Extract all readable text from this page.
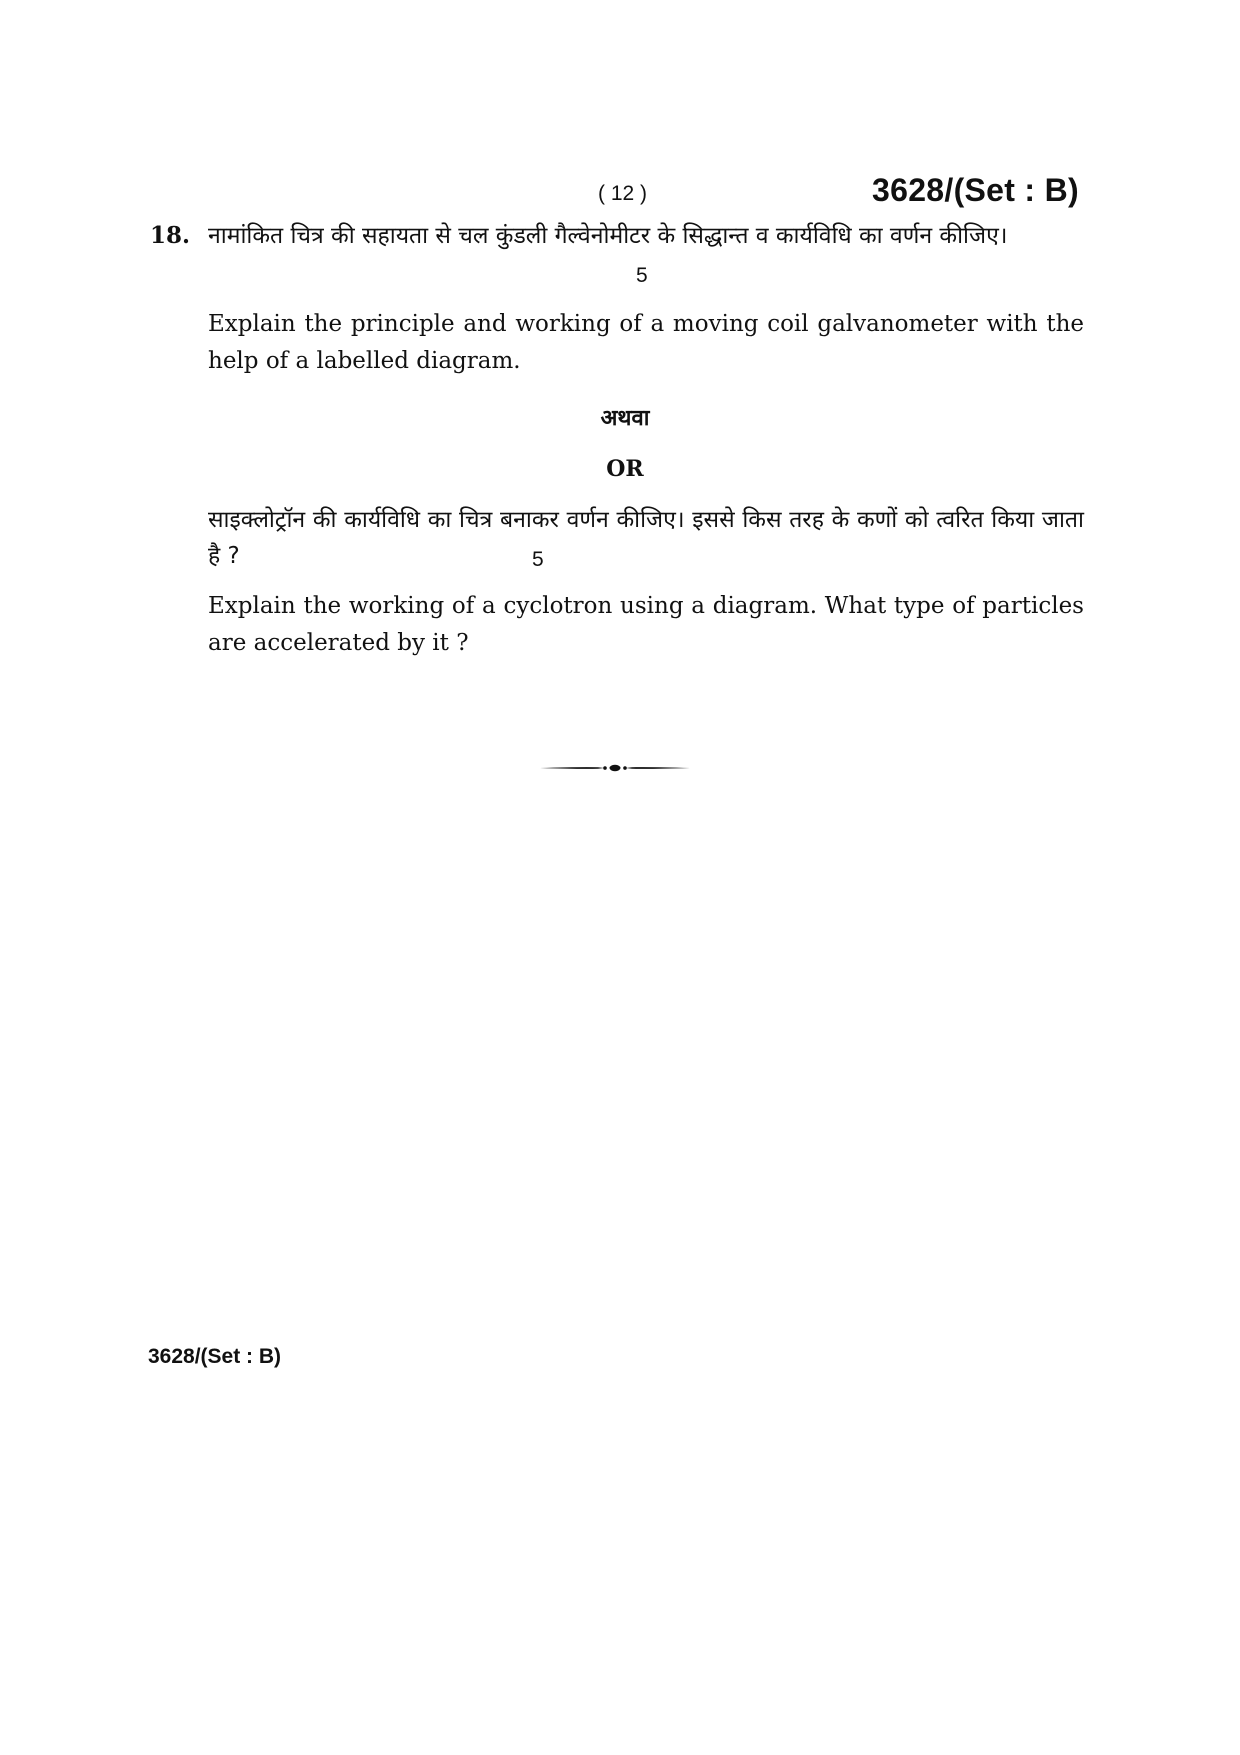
( 12 )	3628/(Set : B)
18. नामांकित चित्र की सहायता से चल कुंडली गैल्वेनोमीटर के सिद्धान्त व कार्यविधि का वर्णन कीजिए।

5

Explain the principle and working of a moving coil galvanometer with the help of a labelled diagram.

अथवा
OR

साइक्लोट्रॉन की कार्यविधि का चित्र बनाकर वर्णन कीजिए। इससे किस तरह के कणों को त्वरित किया जाता है ?	5

Explain the working of a cyclotron using a diagram. What type of particles are accelerated by it ?

3628/(Set : B)
